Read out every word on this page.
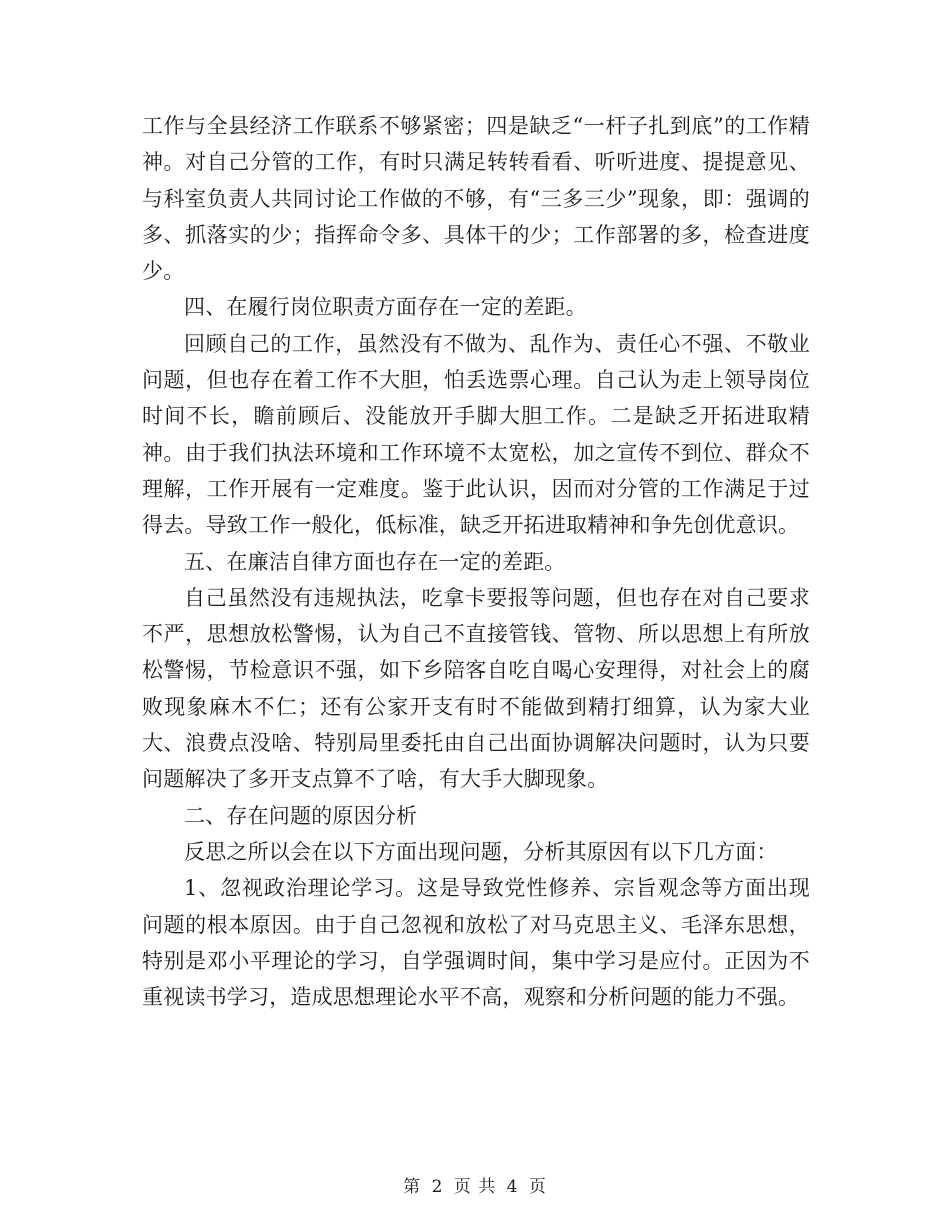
工作与全县经济工作联系不够紧密；四是缺乏“一杆子扎到底”的工作精神。对自己分管的工作，有时只满足转转看看、听听进度、提提意见、与科室负责人共同讨论工作做的不够，有“三多三少”现象，即：强调的多、抓落实的少；指挥命令多、具体干的少；工作部署的多，检查进度少。

四、在履行岗位职责方面存在一定的差距。

回顾自己的工作，虽然没有不做为、乱作为、责任心不强、不敬业问题，但也存在着工作不大胆，怕丢选票心理。自己认为走上领导岗位时间不长，瞻前顾后、没能放开手脚大胆工作。二是缺乏开拓进取精神。由于我们执法环境和工作环境不太宽松，加之宣传不到位、群众不理解，工作开展有一定难度。鉴于此认识，因而对分管的工作满足于过得去。导致工作一般化，低标准，缺乏开拓进取精神和争先创优意识。

五、在廉洁自律方面也存在一定的差距。

自己虽然没有违规执法，吃拿卡要报等问题，但也存在对自己要求不严，思想放松警惕，认为自己不直接管钱、管物、所以思想上有所放松警惕，节检意识不强，如下乡陪客自吃自喝心安理得，对社会上的腐败现象麻木不仁；还有公家开支有时不能做到精打细算，认为家大业大、浪费点没啥、特别局里委托由自己出面协调解决问题时，认为只要问题解决了多开支点算不了啥，有大手大脚现象。

二、存在问题的原因分析

反思之所以会在以下方面出现问题，分析其原因有以下几方面：

1、忽视政治理论学习。这是导致党性修养、宗旨观念等方面出现问题的根本原因。由于自己忽视和放松了对马克思主义、毛泽东思想，特别是邓小平理论的学习，自学强调时间，集中学习是应付。正因为不重视读书学习，造成思想理论水平不高，观察和分析问题的能力不强。

第 2 页 共 4 页
